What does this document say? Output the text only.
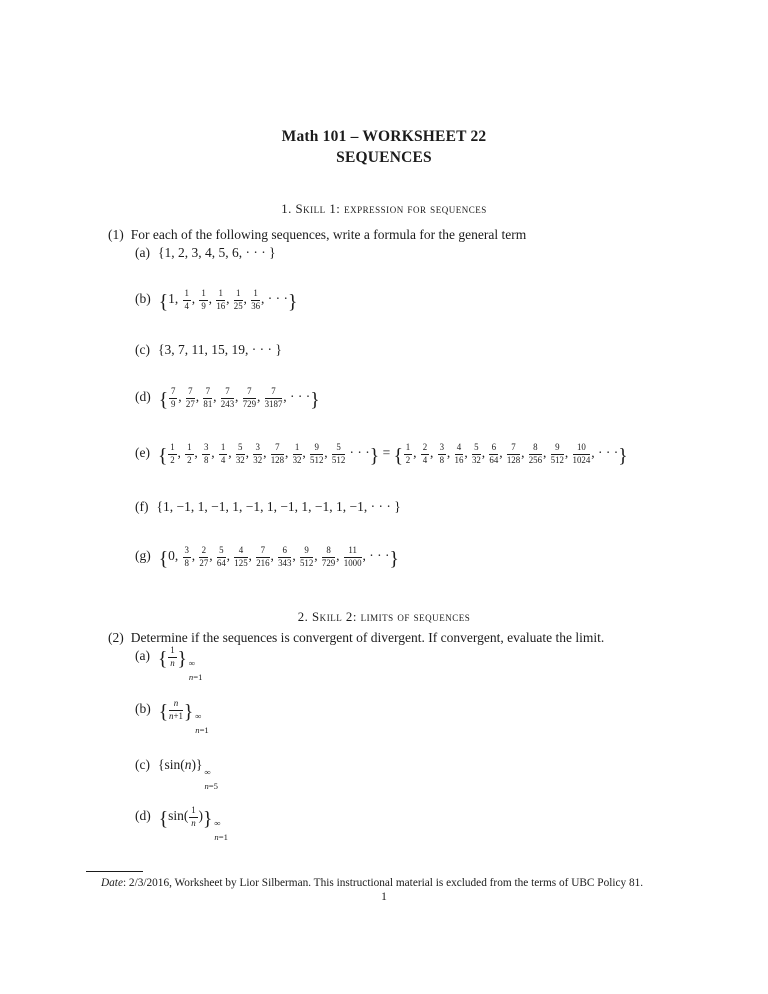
Math 101 – WORKSHEET 22
SEQUENCES
1. Skill 1: expression for sequences
(1) For each of the following sequences, write a formula for the general term
(a) {1, 2, 3, 4, 5, 6, · · · }
(b) {1, $\frac{1}{4}$ , $\frac{1}{9}$ , $\frac{1}{16}$ , $\frac{1}{25}$ , $\frac{1}{36}$ , · · ·}
(c) {3, 7, 11, 15, 19, · · · }
(d) { $\frac{7}{9}$ , $\frac{7}{27}$ , $\frac{7}{81}$ , $\frac{7}{243}$ , $\frac{7}{729}$ , $\frac{7}{3187}$ , · · ·}
(e) { $\frac{1}{2}$ , $\frac{1}{2}$ , $\frac{3}{8}$ , $\frac{1}{4}$ , $\frac{5}{32}$ , $\frac{3}{32}$ , $\frac{7}{128}$ , $\frac{1}{32}$ , $\frac{9}{512}$ , $\frac{5}{512}$ · · ·} = { $\frac{1}{2}$ , $\frac{2}{4}$ , $\frac{3}{8}$ , $\frac{4}{16}$ , $\frac{5}{32}$ , $\frac{6}{64}$ , $\frac{7}{128}$ , $\frac{8}{256}$ , $\frac{9}{512}$ , $\frac{10}{1024}$ , · · ·}
(f) {1, −1, 1, −1, 1, −1, 1, −1, 1, −1, 1, −1, · · · }
(g) {0, $\frac{3}{8}$ , $\frac{2}{27}$ , $\frac{5}{64}$ , $\frac{4}{125}$ , $\frac{7}{216}$ , $\frac{6}{343}$ , $\frac{9}{512}$ , $\frac{8}{729}$ , $\frac{11}{1000}$ , · · ·}
2. Skill 2: limits of sequences
(2) Determine if the sequences is convergent of divergent. If convergent, evaluate the limit.
(a) { $\frac{1}{n}$ } ∞
n=1
(b) { $\frac{n}{n+1}$ } ∞
n=1
(c) {sin(n)}
∞
n=5
(d) {$\sin( \frac{1}{n}$ )} ∞
n=1
Date: 2/3/2016, Worksheet by Lior Silberman. This instructional material is excluded from the terms of UBC Policy 81.
1
